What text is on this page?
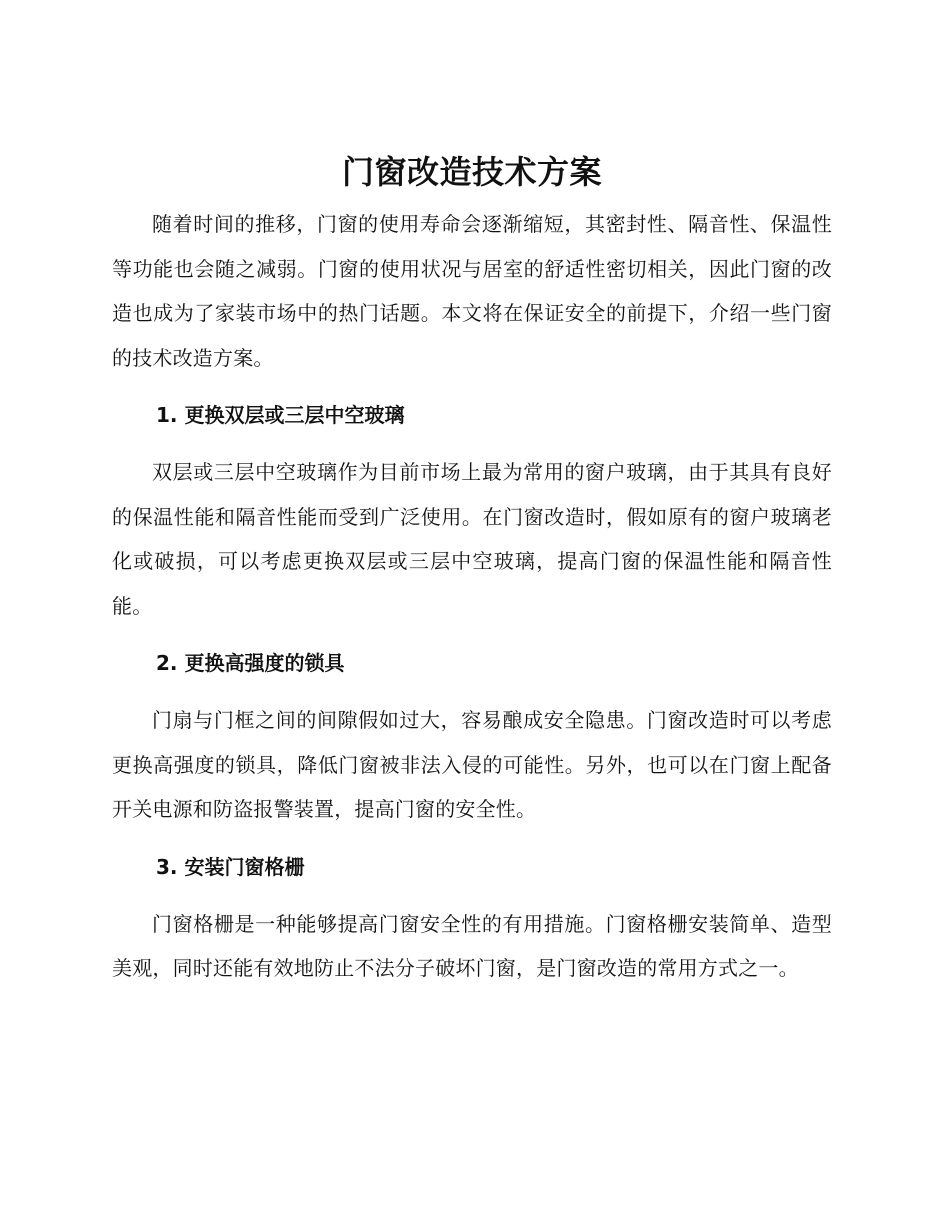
门窗改造技术方案

随着时间的推移，门窗的使用寿命会逐渐缩短，其密封性、隔音性、保温性等功能也会随之减弱。门窗的使用状况与居室的舒适性密切相关，因此门窗的改造也成为了家装市场中的热门话题。本文将在保证安全的前提下，介绍一些门窗的技术改造方案。

1. 更换双层或三层中空玻璃

双层或三层中空玻璃作为目前市场上最为常用的窗户玻璃，由于其具有良好的保温性能和隔音性能而受到广泛使用。在门窗改造时，假如原有的窗户玻璃老化或破损，可以考虑更换双层或三层中空玻璃，提高门窗的保温性能和隔音性能。

2. 更换高强度的锁具

门扇与门框之间的间隙假如过大，容易酿成安全隐患。门窗改造时可以考虑更换高强度的锁具，降低门窗被非法入侵的可能性。另外，也可以在门窗上配备开关电源和防盗报警装置，提高门窗的安全性。

3. 安装门窗格栅

门窗格栅是一种能够提高门窗安全性的有用措施。门窗格栅安装简单、造型美观，同时还能有效地防止不法分子破坏门窗，是门窗改造的常用方式之一。
